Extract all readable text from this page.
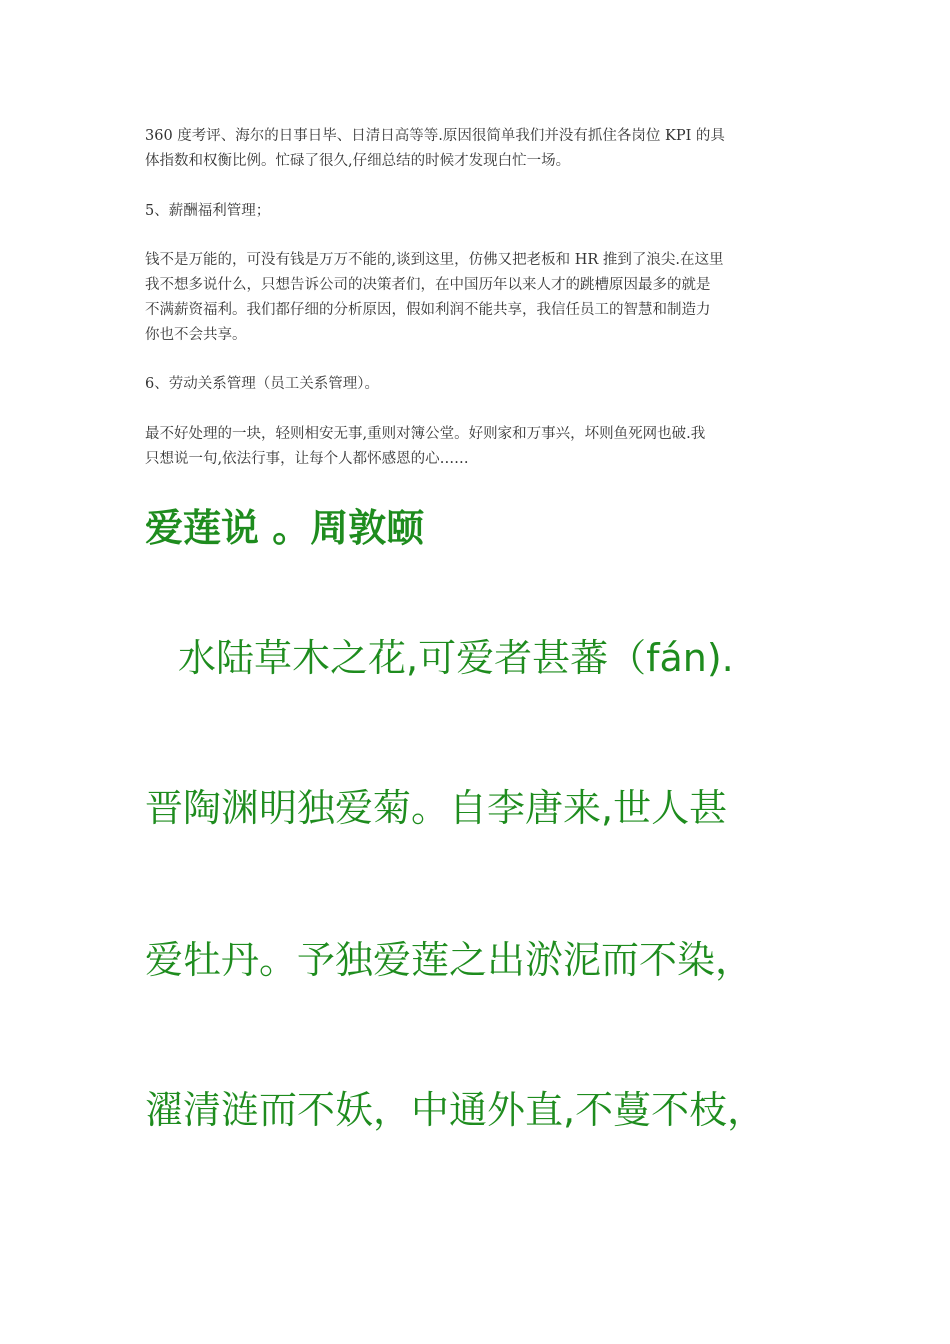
360 度考评、海尔的日事日毕、日清日高等等.原因很简单我们并没有抓住各岗位 KPI 的具
体指数和权衡比例。忙碌了很久,仔细总结的时候才发现白忙一场。
5、薪酬福利管理；
钱不是万能的，可没有钱是万万不能的,谈到这里，仿佛又把老板和 HR 推到了浪尖.在这里
我不想多说什么，只想告诉公司的决策者们，在中国历年以来人才的跳槽原因最多的就是
不满薪资福利。我们都仔细的分析原因，假如利润不能共享，我信任员工的智慧和制造力
你也不会共享。
6、劳动关系管理（员工关系管理）。
最不好处理的一块，轻则相安无事,重则对簿公堂。好则家和万事兴，坏则鱼死网也破.我
只想说一句,依法行事，让每个人都怀感恩的心……
爱莲说 。周敦颐

水陆草木之花,可爱者甚蕃（fán).

晋陶渊明独爱菊。自李唐来,世人甚

爱牡丹。予独爱莲之出淤泥而不染，

濯清涟而不妖，中通外直,不蔓不枝，
